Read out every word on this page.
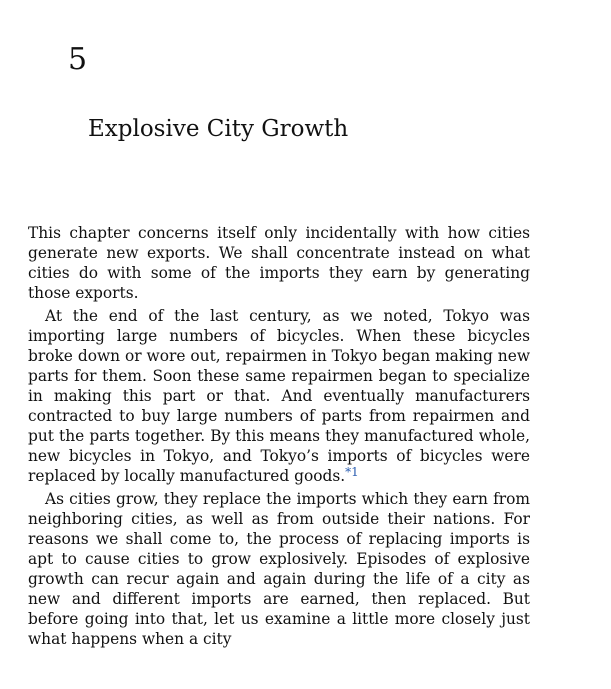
5
Explosive City Growth

This chapter concerns itself only incidentally with how cities generate new exports. We shall concentrate instead on what cities do with some of the imports they earn by generating those exports.

At the end of the last century, as we noted, Tokyo was importing large numbers of bicycles. When these bicycles broke down or wore out, repairmen in Tokyo began making new parts for them. Soon these same repairmen began to specialize in making this part or that. And eventually manufacturers contracted to buy large numbers of parts from repairmen and put the parts together. By this means they manufactured whole, new bicycles in Tokyo, and Tokyo’s imports of bicycles were replaced by locally manufactured goods.$^{*1}$

As cities grow, they replace the imports which they earn from neighboring cities, as well as from outside their nations. For reasons we shall come to, the process of replacing imports is apt to cause cities to grow explosively. Episodes of explosive growth can recur again and again during the life of a city as new and different imports are earned, then replaced. But before going into that, let us examine a little more closely just what happens when a city
